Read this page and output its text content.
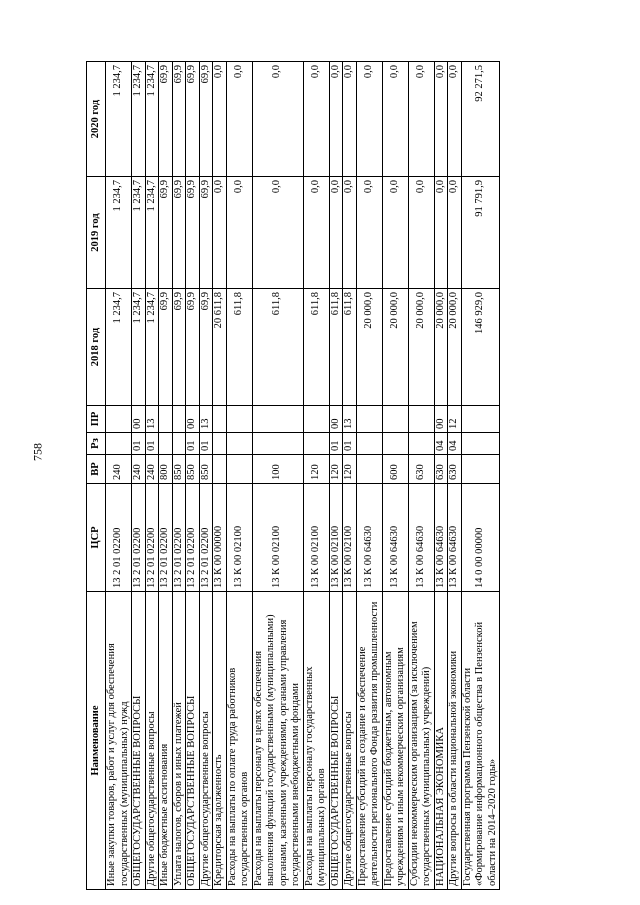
758
Наименование	ЦСР	ВР	Рз	ПР	2018 год	2019 год	2020 год
Иные закупки товаров, работ и услуг для обеспечения государственных (муниципальных) нужд	13 2 01 02200	240			1 234,7	1 234,7	1 234,7
ОБЩЕГОСУДАРСТВЕННЫЕ ВОПРОСЫ	13 2 01 02200	240	01	00	1 234,7	1 234,7	1 234,7
Другие общегосударственные вопросы	13 2 01 02200	240	01	13	1 234,7	1 234,7	1 234,7
Иные бюджетные ассигнования	13 2 01 02200	800			69,9	69,9	69,9
Уплата налогов, сборов и иных платежей	13 2 01 02200	850			69,9	69,9	69,9
ОБЩЕГОСУДАРСТВЕННЫЕ ВОПРОСЫ	13 2 01 02200	850	01	00	69,9	69,9	69,9
Другие общегосударственные вопросы	13 2 01 02200	850	01	13	69,9	69,9	69,9
Кредиторская задолженность	13 К 00 00000				20 611,8	0,0	0,0
Расходы на выплаты по оплате труда работников государственных органов	13 К 00 02100				611,8	0,0	0,0
Расходы на выплаты персоналу в целях обеспечения выполнения функций государственными (муниципальными) органами, казенными учреждениями, органами управления государственными внебюджетными фондами	13 К 00 02100	100			611,8	0,0	0,0
Расходы на выплаты персоналу государственных (муниципальных) органов	13 К 00 02100	120			611,8	0,0	0,0
ОБЩЕГОСУДАРСТВЕННЫЕ ВОПРОСЫ	13 К 00 02100	120	01	00	611,8	0,0	0,0
Другие общегосударственные вопросы	13 К 00 02100	120	01	13	611,8	0,0	0,0
Предоставление субсидий на создание и обеспечение деятельности регионального Фонда развития промышленности	13 К 00 64630				20 000,0	0,0	0,0
Предоставление субсидий бюджетным, автономным учреждениям и иным некоммерческим организациям	13 К 00 64630	600			20 000,0	0,0	0,0
Субсидии некоммерческим организациям (за исключением государственных (муниципальных) учреждений)	13 К 00 64630	630			20 000,0	0,0	0,0
НАЦИОНАЛЬНАЯ ЭКОНОМИКА	13 К 00 64630	630	04	00	20 000,0	0,0	0,0
Другие вопросы в области национальной экономики	13 К 00 64630	630	04	12	20 000,0	0,0	0,0
Государственная программа Пензенской области «Формирование информационного общества в Пензенской области на 2014–2020 годы»	14 0 00 00000				146 929,0	91 791,9	92 271,5
